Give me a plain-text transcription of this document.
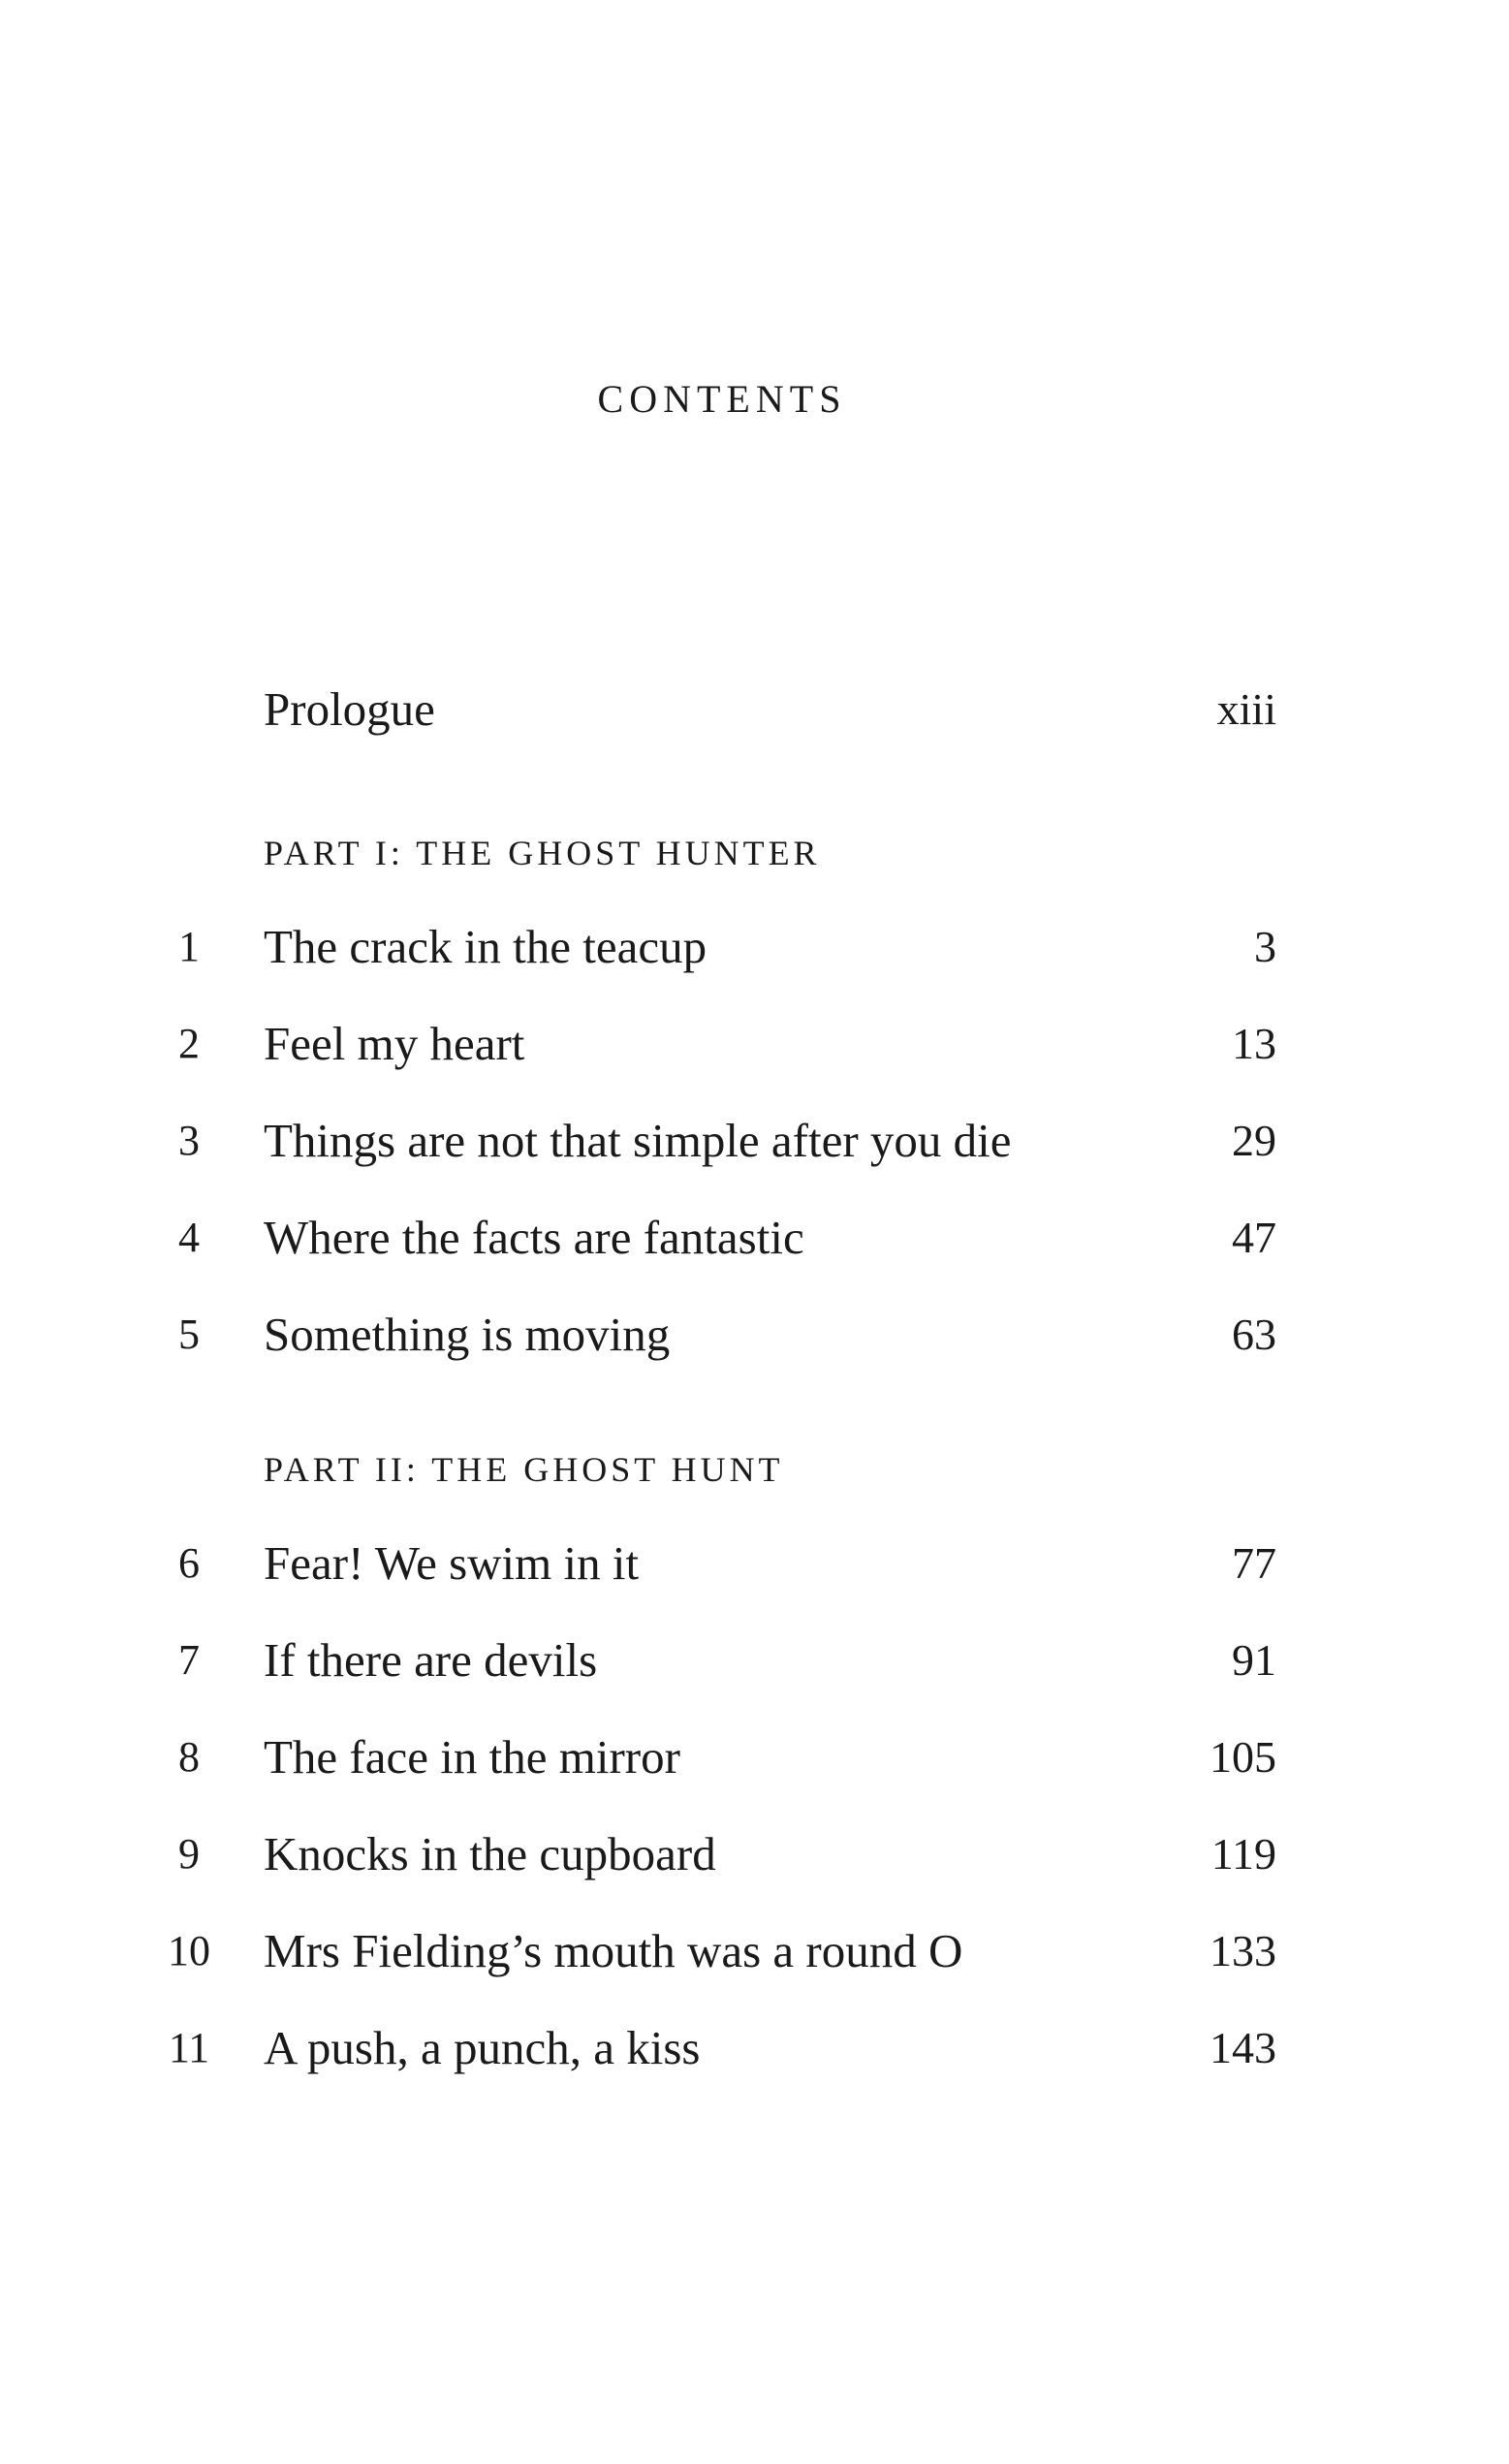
CONTENTS
Prologue	xiii
PART I: THE GHOST HUNTER
1	The crack in the teacup	3
2	Feel my heart	13
3	Things are not that simple after you die	29
4	Where the facts are fantastic	47
5	Something is moving	63
PART II: THE GHOST HUNT
6	Fear! We swim in it	77
7	If there are devils	91
8	The face in the mirror	105
9	Knocks in the cupboard	119
10	Mrs Fielding’s mouth was a round O	133
11	A push, a punch, a kiss	143
